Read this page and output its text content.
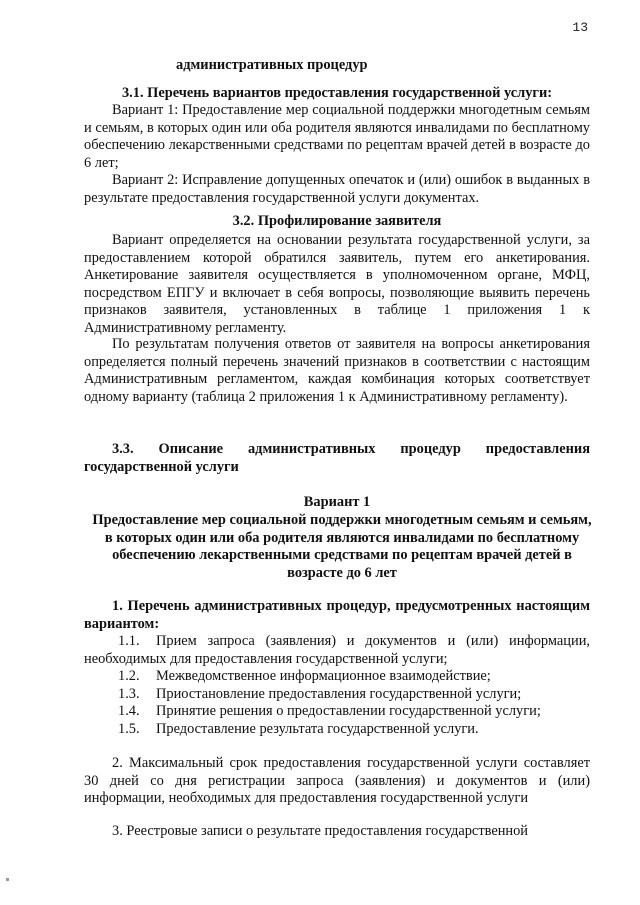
13
административных процедур
3.1. Перечень вариантов предоставления государственной услуги:
Вариант 1: Предоставление мер социальной поддержки многодетным семьям и семьям, в которых один или оба родителя являются инвалидами по бесплатному обеспечению лекарственными средствами по рецептам врачей детей в возрасте до 6 лет;
Вариант 2: Исправление допущенных опечаток и (или) ошибок в выданных в результате предоставления государственной услуги документах.
3.2. Профилирование заявителя
Вариант определяется на основании результата государственной услуги, за предоставлением которой обратился заявитель, путем его анкетирования. Анкетирование заявителя осуществляется в уполномоченном органе, МФЦ, посредством ЕПГУ и включает в себя вопросы, позволяющие выявить перечень признаков заявителя, установленных в таблице 1 приложения 1 к Административному регламенту.
По результатам получения ответов от заявителя на вопросы анкетирования определяется полный перечень значений признаков в соответствии с настоящим Административным регламентом, каждая комбинация которых соответствует одному варианту (таблица 2 приложения 1 к Административному регламенту).
3.3. Описание административных процедур предоставления государственной услуги
Вариант 1
Предоставление мер социальной поддержки многодетным семьям и семьям, в которых один или оба родителя являются инвалидами по бесплатному обеспечению лекарственными средствами по рецептам врачей детей в возрасте до 6 лет
1. Перечень административных процедур, предусмотренных настоящим вариантом:
1.1. Прием запроса (заявления) и документов и (или) информации, необходимых для предоставления государственной услуги;
1.2. Межведомственное информационное взаимодействие;
1.3. Приостановление предоставления государственной услуги;
1.4. Принятие решения о предоставлении государственной услуги;
1.5. Предоставление результата государственной услуги.
2. Максимальный срок предоставления государственной услуги составляет 30 дней со дня регистрации запроса (заявления) и документов и (или) информации, необходимых для предоставления государственной услуги
3. Реестровые записи о результате предоставления государственной
